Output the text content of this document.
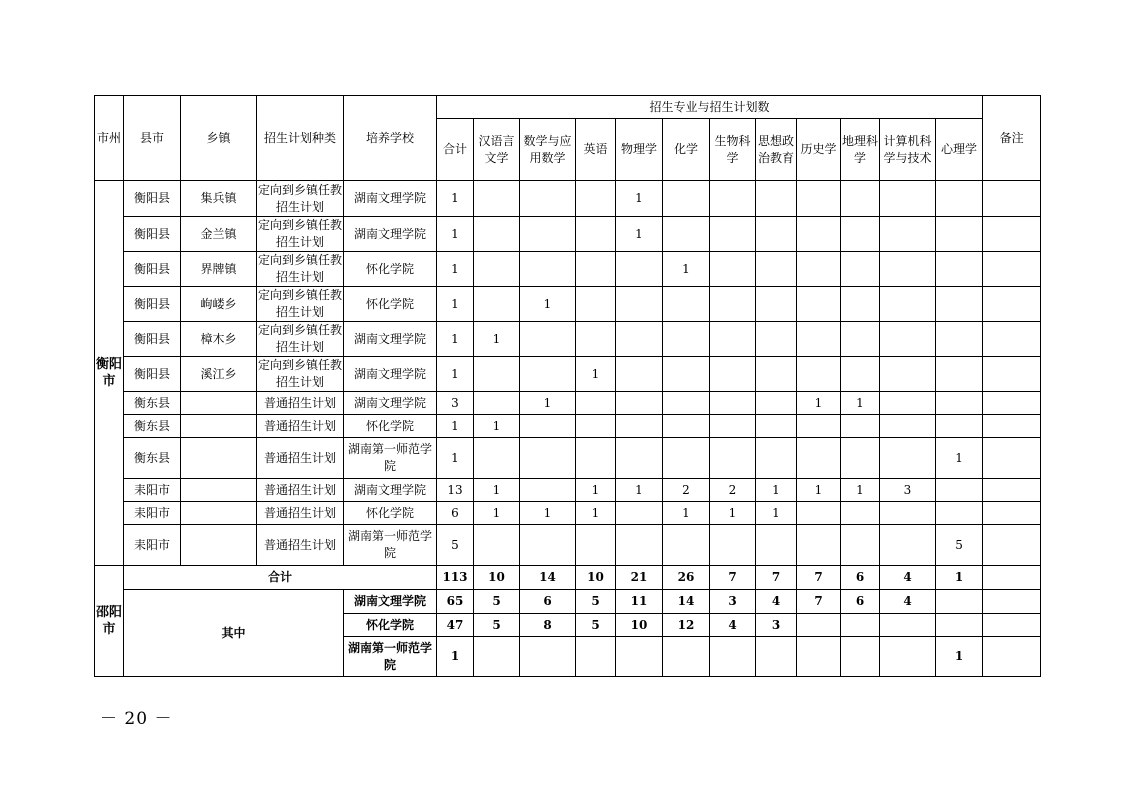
市州	县市	乡镇	招生计划种类	培养学校	招生专业与招生计划数												备注
					合计	汉语言文学	数学与应用数学	英语	物理学	化学	生物科学	思想政治教育	历史学	地理科学	计算机科学与技术	心理学	
衡阳市	衡阳县	集兵镇	定向到乡镇任教招生计划	湖南文理学院	1				1								
	衡阳县	金兰镇	定向到乡镇任教招生计划	湖南文理学院	1				1								
	衡阳县	界牌镇	定向到乡镇任教招生计划	怀化学院	1					1							
	衡阳县	岣嵝乡	定向到乡镇任教招生计划	怀化学院	1		1										
	衡阳县	樟木乡	定向到乡镇任教招生计划	湖南文理学院	1	1											
	衡阳县	溪江乡	定向到乡镇任教招生计划	湖南文理学院	1			1									
	衡东县		普通招生计划	湖南文理学院	3		1						1	1			
	衡东县		普通招生计划	怀化学院	1	1											
	衡东县		普通招生计划	湖南第一师范学院	1											1	
	耒阳市		普通招生计划	湖南文理学院	13	1		1	1	2	2	1	1	1	3		
	耒阳市		普通招生计划	怀化学院	6	1	1	1		1	1	1					
	耒阳市		普通招生计划	湖南第一师范学院	5											5	
邵阳市	合计				113	10	14	10	21	26	7	7	7	6	4	1	
	其中			湖南文理学院	65	5	6	5	11	14	3	4	7	6	4		
				怀化学院	47	5	8	5	10	12	4	3					
				湖南第一师范学院	1											1	
－ 20 －
